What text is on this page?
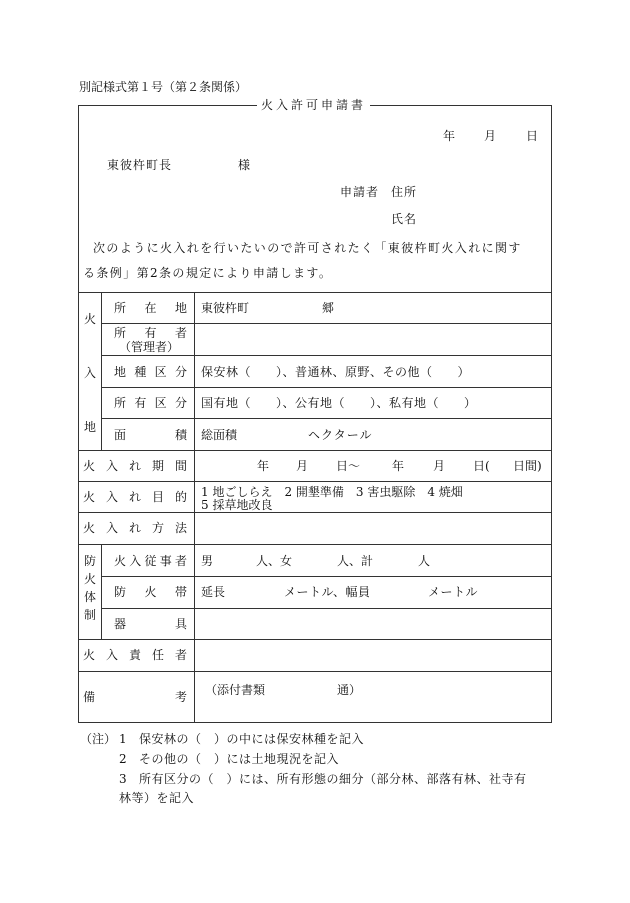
別記様式第１号（第２条関係）
火入許可申請書
年 月 日
東彼杵町長	様
申請者 住所
氏名
次のように火入れを行いたいので許可されたく「東彼杵町火入れに関す
る条例」第2条の規定により申請します。
火
入
地
防
火
体
制
所 在 地 東彼杵町	郷
所 有 者
（管理者）
地 種 区 分 保安林（　　）、普通林、原野、その他（　　）
所 有 区 分 国有地（　　）、公有地（　　）、私有地（　　）
面	積 総面積	ヘクタール
火 入 れ 期 間	年 月 日～	年 月 日( 日間)
火 入 れ 目 的 1 地ごしらえ　2 開墾準備　3 害虫駆除　4 焼畑
5 採草地改良
火 入 れ 方 法
火 入 従 事 者 男	人、女	人、計	人
防 火 帯 延長	メートル、幅員	メートル
器	具
火 入 責 任 者
備	考 （添付書類	通）
（注） 1 保安林の（　）の中には保安林種を記入
2 その他の（　）には土地現況を記入
3 所有区分の（　）には、所有形態の細分（部分林、部落有林、社寺有
林等）を記入
